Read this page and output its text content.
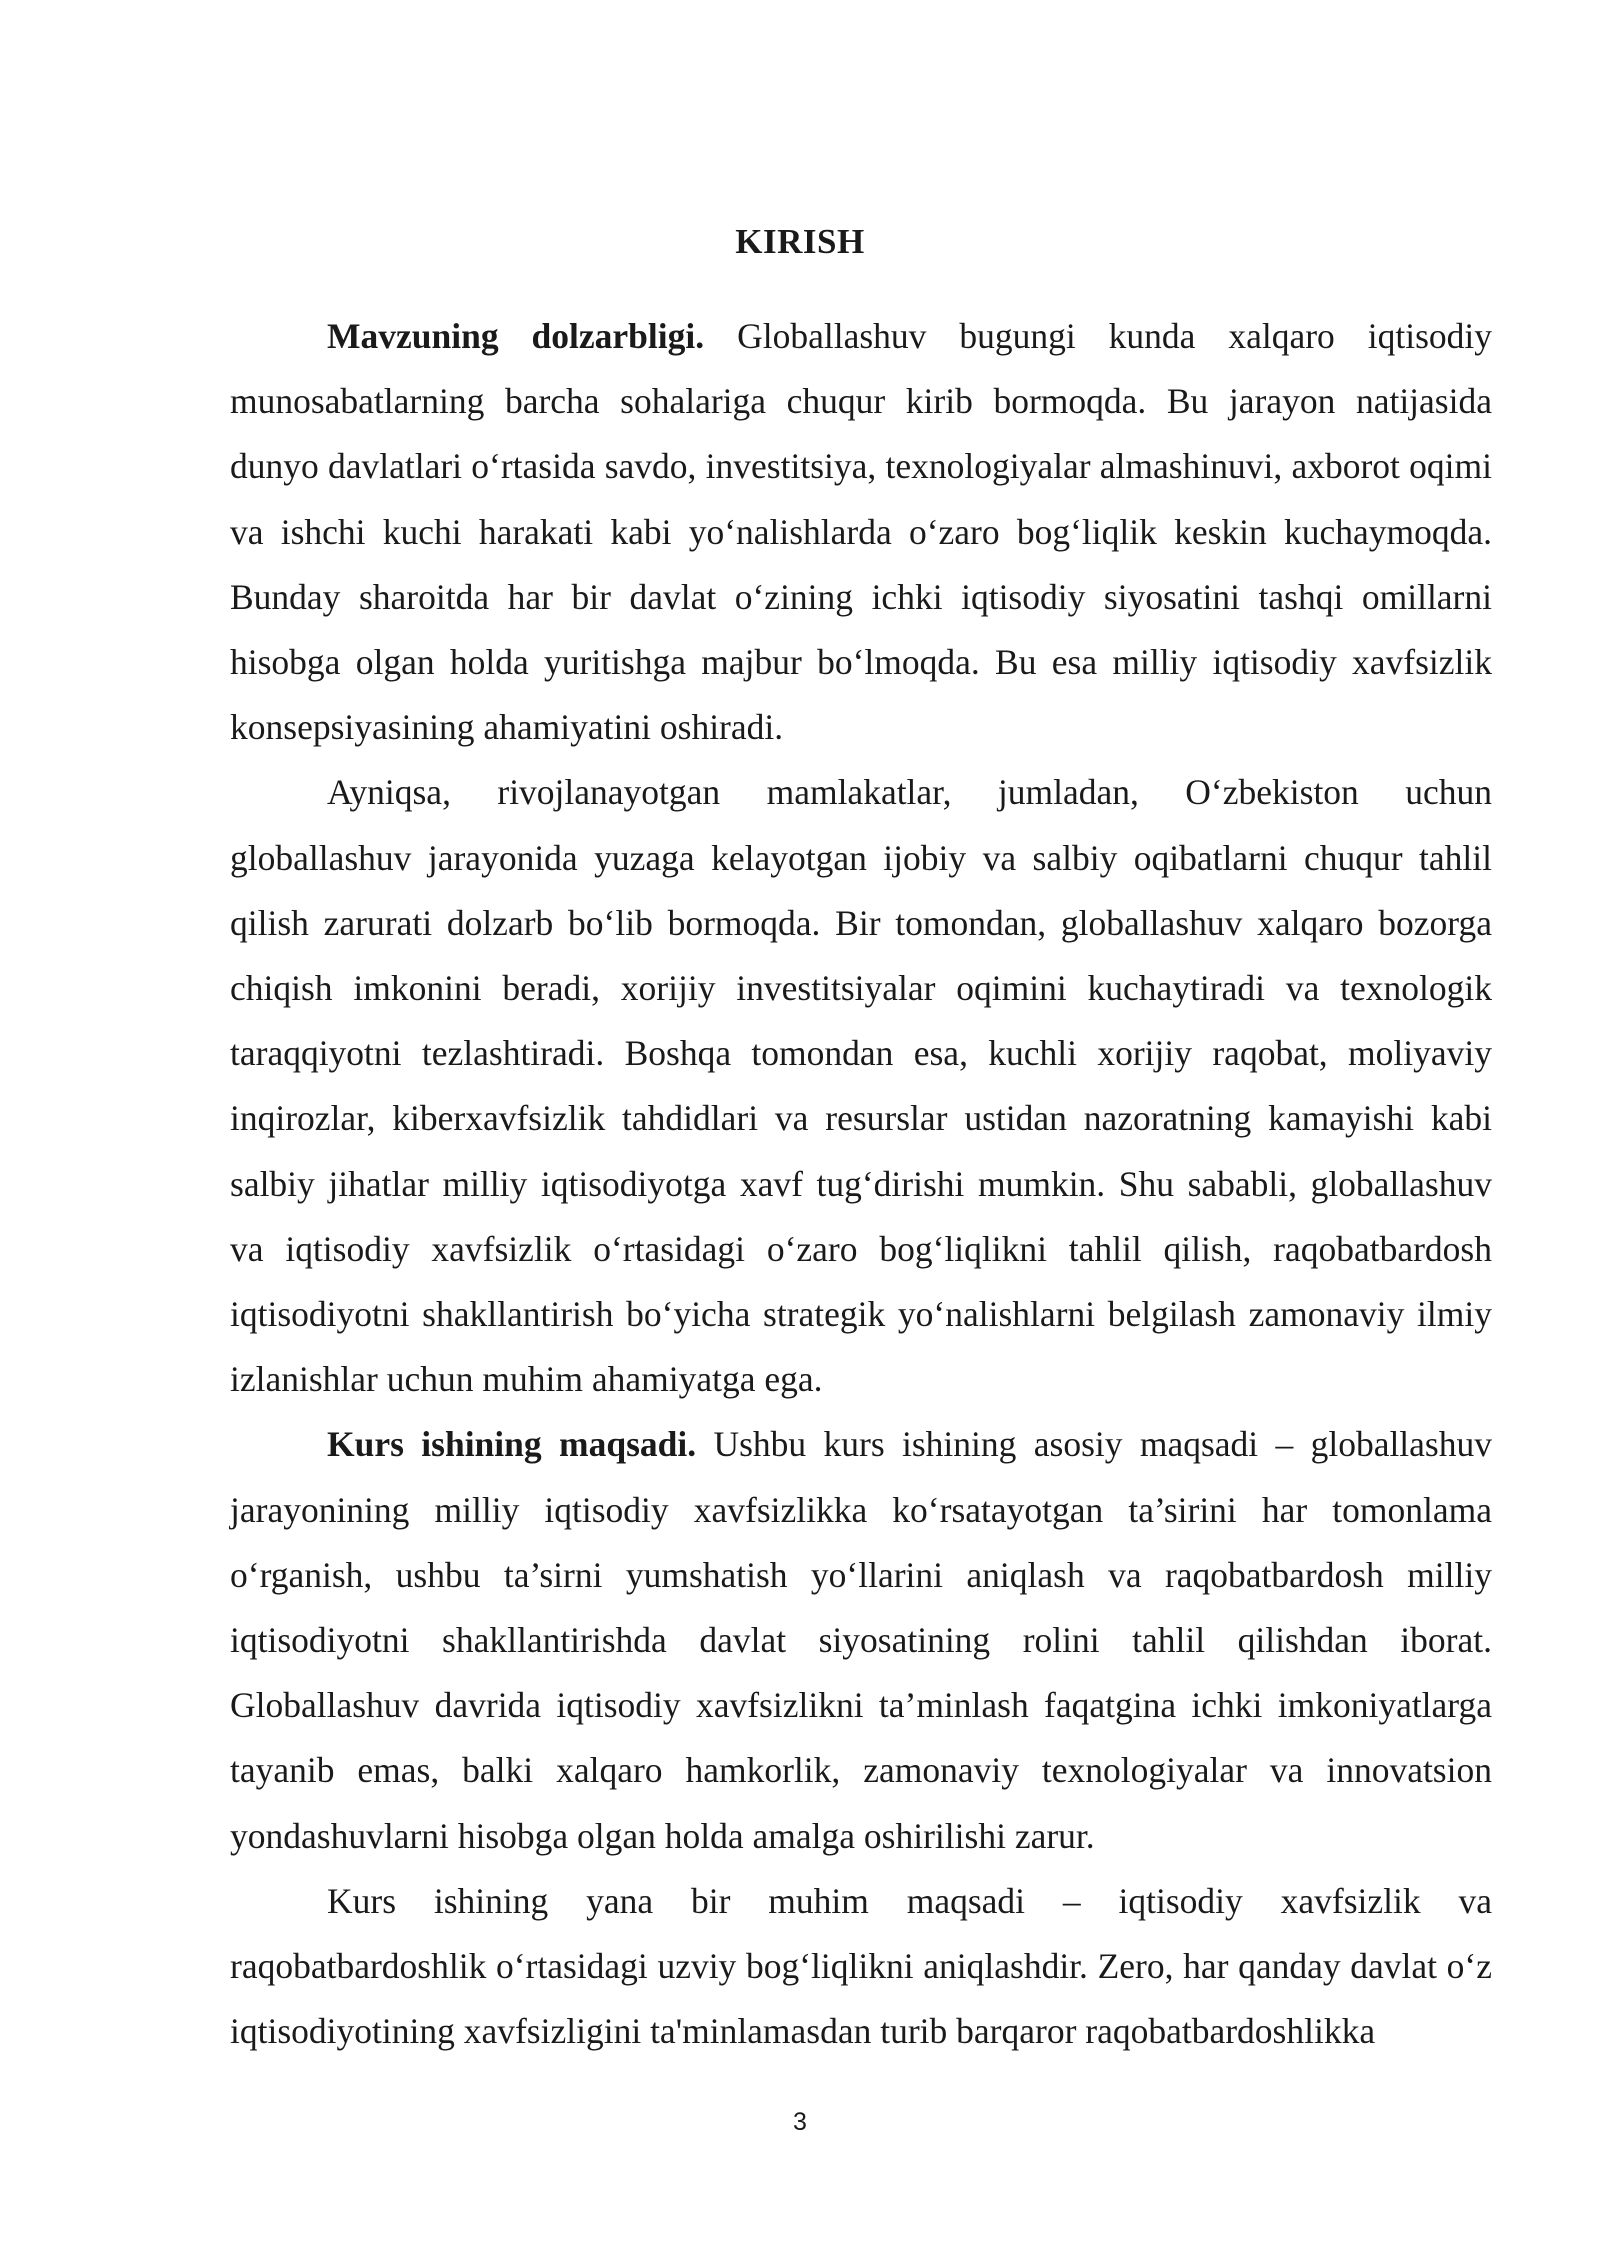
KIRISH

Mavzuning dolzarbligi. Globallashuv bugungi kunda xalqaro iqtisodiy munosabatlarning barcha sohalariga chuqur kirib bormoqda. Bu jarayon natijasida dunyo davlatlari oʻrtasida savdo, investitsiya, texnologiyalar almashinuvi, axborot oqimi va ishchi kuchi harakati kabi yoʻnalishlarda oʻzaro bogʻliqlik keskin kuchaymoqda. Bunday sharoitda har bir davlat oʻzining ichki iqtisodiy siyosatini tashqi omillarni hisobga olgan holda yuritishga majbur boʻlmoqda. Bu esa milliy iqtisodiy xavfsizlik konsepsiyasining ahamiyatini oshiradi.

Ayniqsa, rivojlanayotgan mamlakatlar, jumladan, Oʻzbekiston uchun globallashuv jarayonida yuzaga kelayotgan ijobiy va salbiy oqibatlarni chuqur tahlil qilish zarurati dolzarb boʻlib bormoqda. Bir tomondan, globallashuv xalqaro bozorga chiqish imkonini beradi, xorijiy investitsiyalar oqimini kuchaytiradi va texnologik taraqqiyotni tezlashtiradi. Boshqa tomondan esa, kuchli xorijiy raqobat, moliyaviy inqirozlar, kiberxavfsizlik tahdidlari va resurslar ustidan nazoratning kamayishi kabi salbiy jihatlar milliy iqtisodiyotga xavf tugʻdirishi mumkin. Shu sababli, globallashuv va iqtisodiy xavfsizlik oʻrtasidagi oʻzaro bogʻliqlikni tahlil qilish, raqobatbardosh iqtisodiyotni shakllantirish boʻyicha strategik yoʻnalishlarni belgilash zamonaviy ilmiy izlanishlar uchun muhim ahamiyatga ega.

Kurs ishining maqsadi. Ushbu kurs ishining asosiy maqsadi – globallashuv jarayonining milliy iqtisodiy xavfsizlikka koʻrsatayotgan ta’sirini har tomonlama oʻrganish, ushbu ta’sirni yumshatish yoʻllarini aniqlash va raqobatbardosh milliy iqtisodiyotni shakllantirishda davlat siyosatining rolini tahlil qilishdan iborat. Globallashuv davrida iqtisodiy xavfsizlikni ta’minlash faqatgina ichki imkoniyatlarga tayanib emas, balki xalqaro hamkorlik, zamonaviy texnologiyalar va innovatsion yondashuvlarni hisobga olgan holda amalga oshirilishi zarur.

Kurs ishining yana bir muhim maqsadi – iqtisodiy xavfsizlik va raqobatbardoshlik oʻrtasidagi uzviy bogʻliqlikni aniqlashdir. Zero, har qanday davlat oʻz iqtisodiyotining xavfsizligini ta'minlamasdan turib barqaror raqobatbardoshlikka

3
